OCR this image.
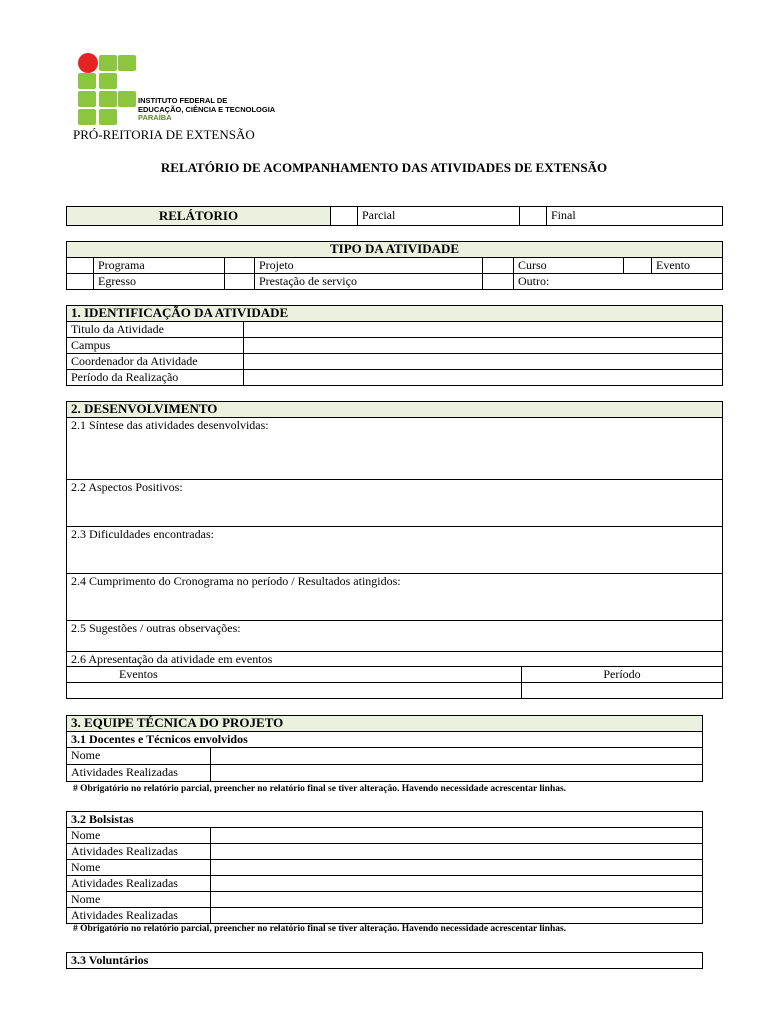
INSTITUTO FEDERAL DE
EDUCAÇÃO, CIÊNCIA E TECNOLOGIA
PARAÍBA
PRÓ-REITORIA DE EXTENSÃO
RELATÓRIO DE ACOMPANHAMENTO DAS ATIVIDADES DE EXTENSÃO
RELÁTORIO		Parcial		Final
TIPO DA ATIVIDADE							
	Programa		Projeto		Curso		Evento
	Egresso		Prestação de serviço		Outro:		
1. IDENTIFICAÇÃO DA ATIVIDADE	
Titulo da Atividade	
Campus	
Coordenador da Atividade	
Período da Realização	
2. DESENVOLVIMENTO	
2.1 Síntese das atividades desenvolvidas:	
2.2 Aspectos Positivos:	
2.3 Dificuldades encontradas:	
2.4 Cumprimento do Cronograma no período / Resultados atingidos:	
2.5 Sugestões / outras observações:	
2.6 Apresentação da atividade em eventos	
Eventos	Período

3. EQUIPE TÉCNICA DO PROJETO	
3.1 Docentes e Técnicos envolvidos	
Nome	
Atividades Realizadas	
# Obrigatório no relatório parcial, preencher no relatório final se tiver alteração. Havendo necessidade acrescentar linhas.
3.2 Bolsistas	
Nome	
Atividades Realizadas	
Nome	
Atividades Realizadas	
Nome	
Atividades Realizadas	
# Obrigatório no relatório parcial, preencher no relatório final se tiver alteração. Havendo necessidade acrescentar linhas.
3.3 Voluntários
